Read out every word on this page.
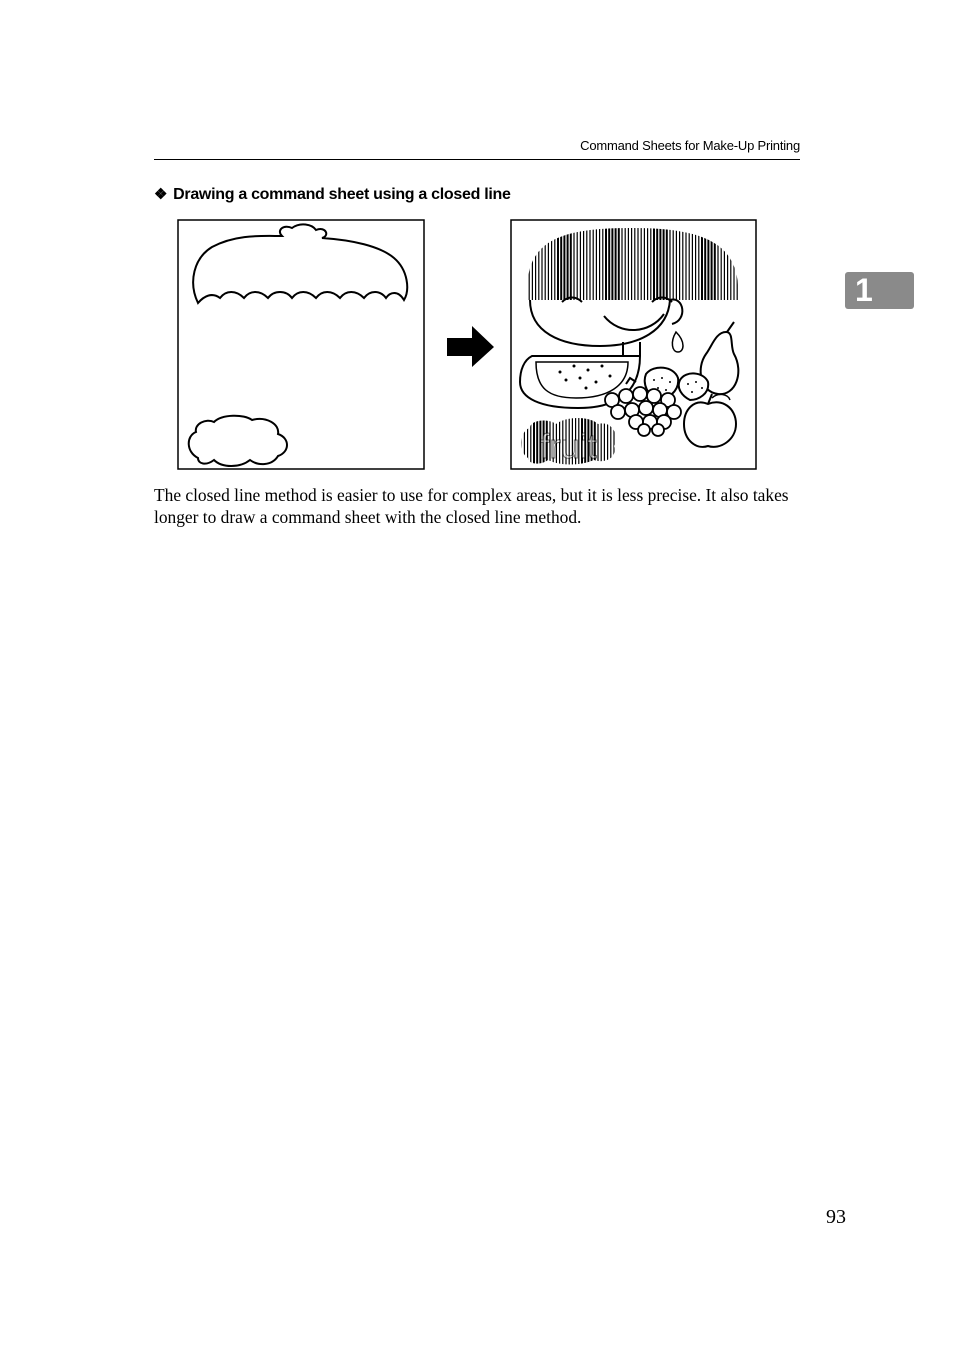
Command Sheets for Make-Up Printing
1
❖ Drawing a command sheet using a closed line
fruit
The closed line method is easier to use for complex areas, but it is less precise. It also takes longer to draw a command sheet with the closed line method.
93
